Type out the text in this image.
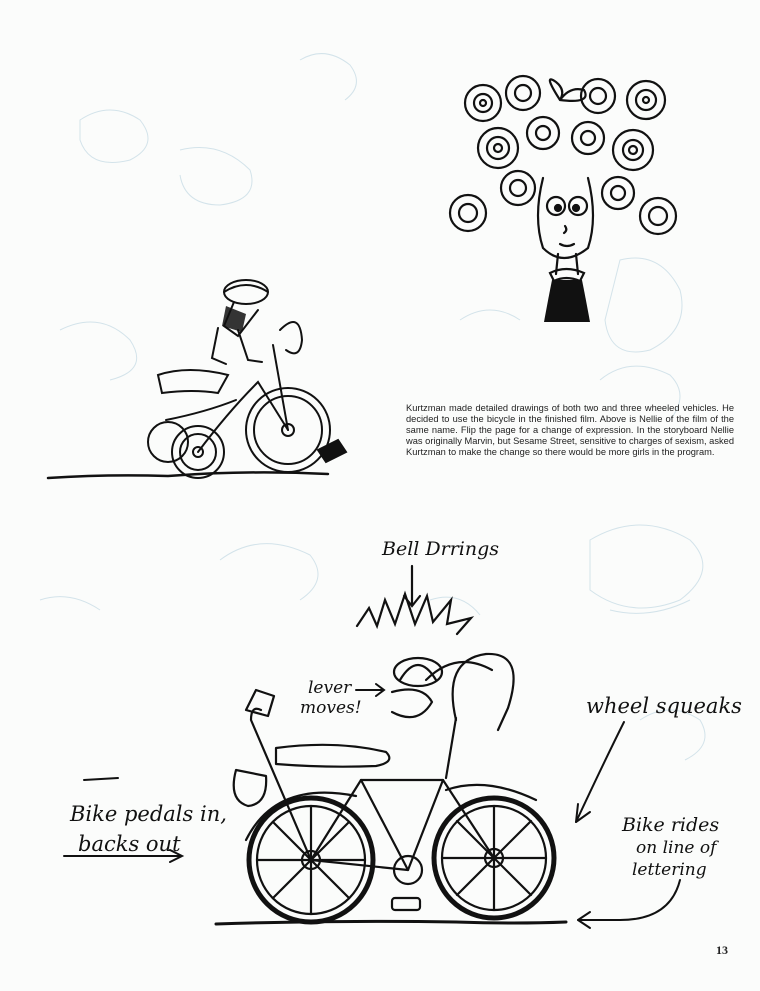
Kurtzman made detailed drawings of both two and three wheeled vehicles. He decided to use the bicycle in the finished film. Above is Nellie of the film of the same name. Flip the page for a change of expression. In the storyboard Nellie was originally Marvin, but Sesame Street, sensitive to charges of sexism, asked Kurtzman to make the change so there would be more girls in the program.

Bell Drrings
lever
moves!	wheel squeaks
Bike pedals in,
backs out
Bike rides
on line of
lettering
13
